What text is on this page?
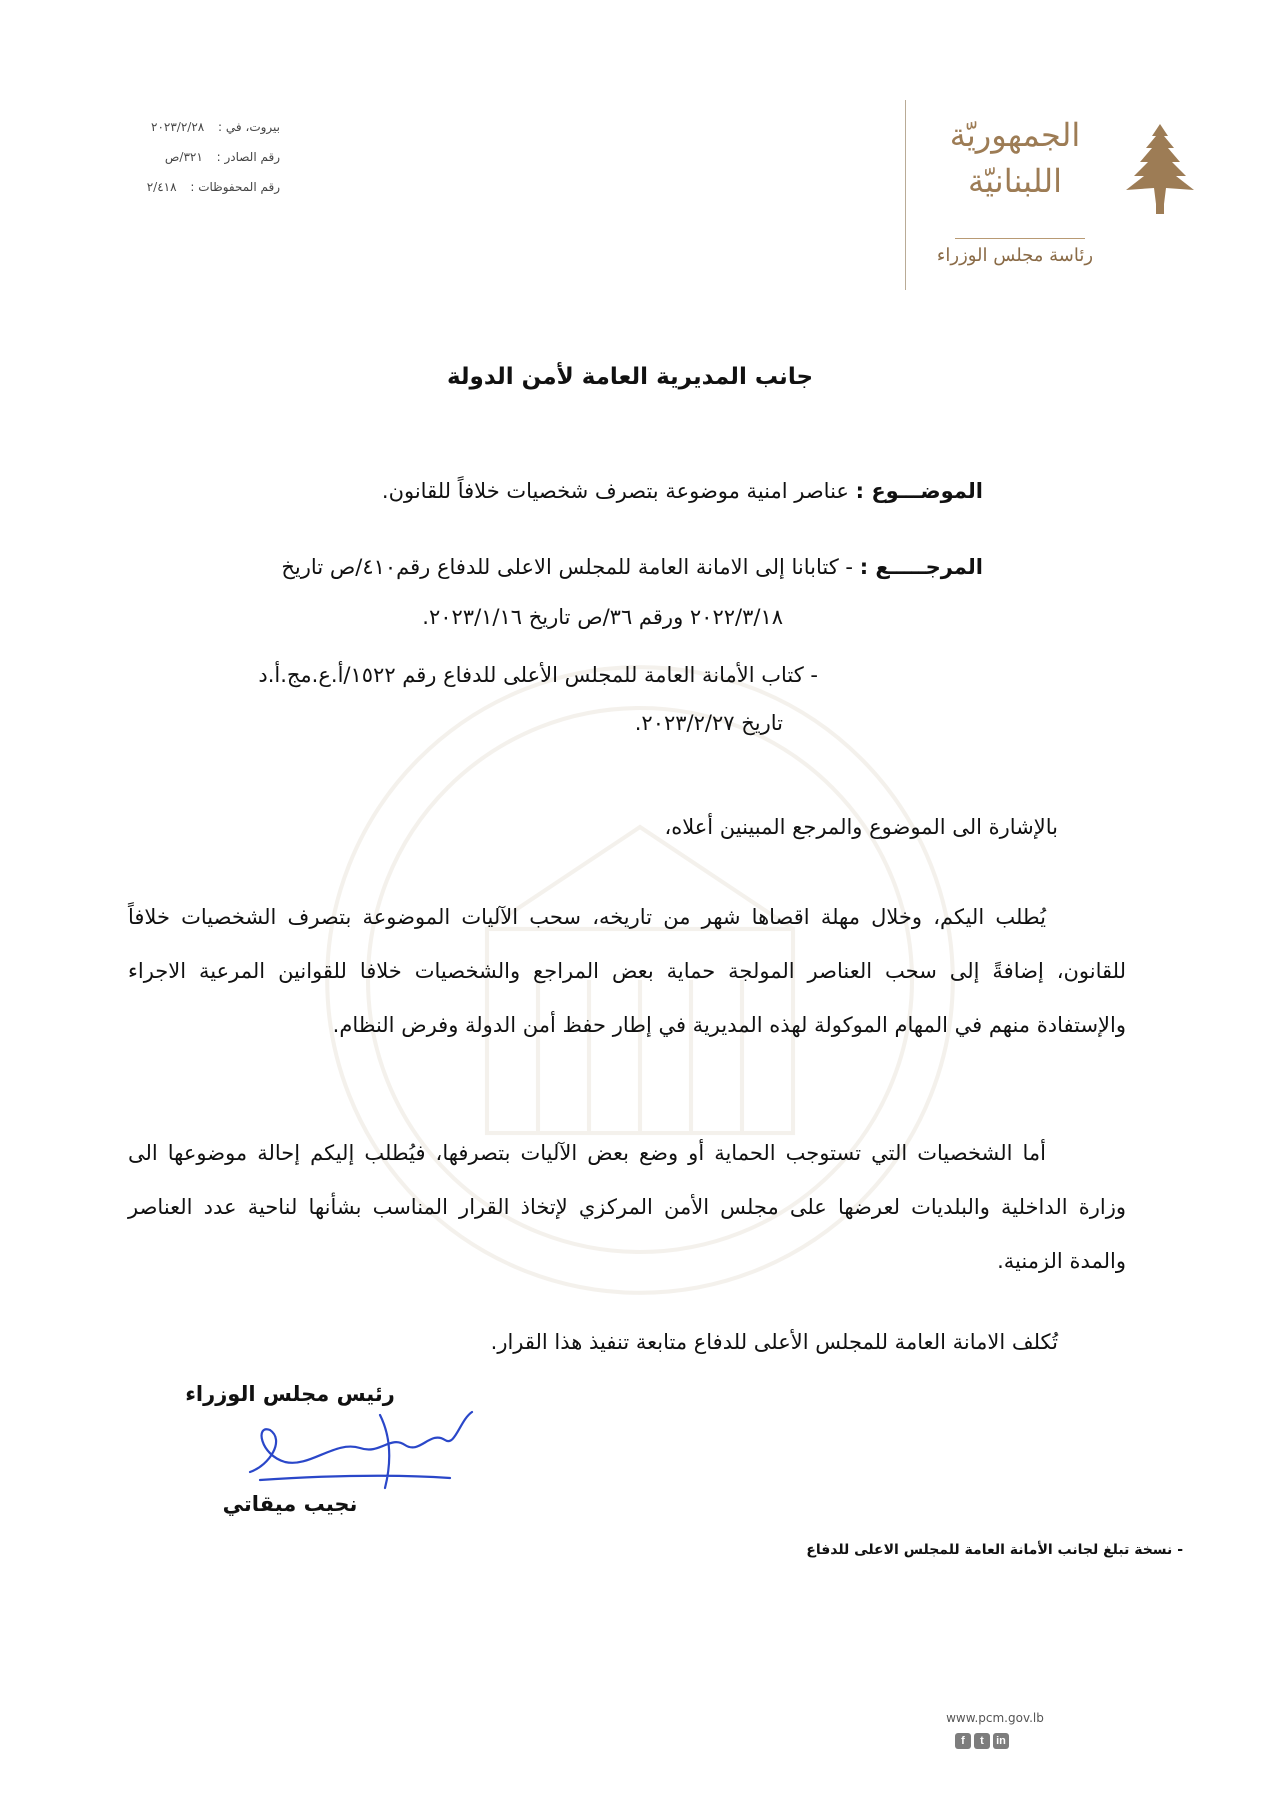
بيروت، في : ٢٠٢٣/٢/٢٨
رقم الصادر : ٣٢١/ص
رقم المحفوظات : ٢/٤١٨
الجمهوريّة
اللبنانيّة
رئاسة مجلس الوزراء
جانب المديرية العامة لأمن الدولة
الموضـــوع : عناصر امنية موضوعة بتصرف شخصيات خلافاً للقانون.
المرجـــــع : - كتابانا إلى الامانة العامة للمجلس الاعلى للدفاع رقم٤١٠/ص تاريخ
٢٠٢٢/٣/١٨ ورقم ٣٦/ص تاريخ ٢٠٢٣/١/١٦.
- كتاب الأمانة العامة للمجلس الأعلى للدفاع رقم ١٥٢٢/أ.ع.مج.أ.د
تاريخ ٢٠٢٣/٢/٢٧.
بالإشارة الى الموضوع والمرجع المبينين أعلاه،
يُطلب اليكم، وخلال مهلة اقصاها شهر من تاريخه، سحب الآليات الموضوعة بتصرف الشخصيات خلافاً للقانون، إضافةً إلى سحب العناصر المولجة حماية بعض المراجع والشخصيات خلافا للقوانين المرعية الاجراء والإستفادة منهم في المهام الموكولة لهذه المديرية في إطار حفظ أمن الدولة وفرض النظام.
أما الشخصيات التي تستوجب الحماية أو وضع بعض الآليات بتصرفها، فيُطلب إليكم إحالة موضوعها الى وزارة الداخلية والبلديات لعرضها على مجلس الأمن المركزي لإتخاذ القرار المناسب بشأنها لناحية عدد العناصر والمدة الزمنية.
تُكلف الامانة العامة للمجلس الأعلى للدفاع متابعة تنفيذ هذا القرار.
رئيس مجلس الوزراء
نجيب ميقاتي
- نسخة تبلغ لجانب الأمانة العامة للمجلس الاعلى للدفاع
www.pcm.gov.lb
f	t	in
